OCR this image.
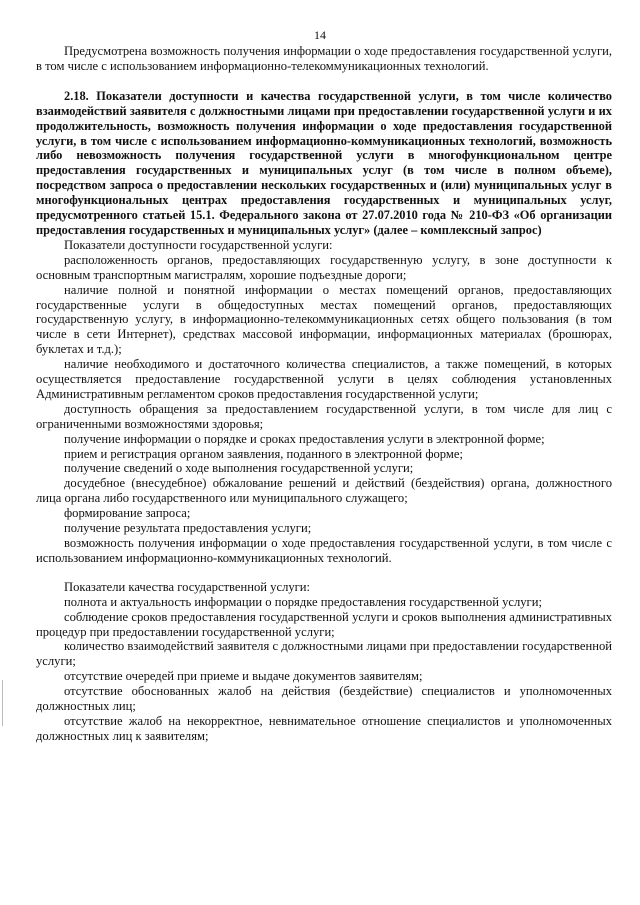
14

Предусмотрена возможность получения информации о ходе предоставления государственной услуги, в том числе с использованием информационно-телекоммуникационных технологий.

2.18. Показатели доступности и качества государственной услуги, в том числе количество взаимодействий заявителя с должностными лицами при предоставлении государственной услуги и их продолжительность, возможность получения информации о ходе предоставления государственной услуги, в том числе с использованием информационно-коммуникационных технологий, возможность либо невозможность получения государственной услуги в многофункциональном центре предоставления государственных и муниципальных услуг (в том числе в полном объеме), посредством запроса о предоставлении нескольких государственных и (или) муниципальных услуг в многофункциональных центрах предоставления государственных и муниципальных услуг, предусмотренного статьей 15.1. Федерального закона от 27.07.2010 года № 210-ФЗ «Об организации предоставления государственных и муниципальных услуг» (далее – комплексный запрос)

Показатели доступности государственной услуги:

расположенность органов, предоставляющих государственную услугу, в зоне доступности к основным транспортным магистралям, хорошие подъездные дороги;

наличие полной и понятной информации о местах помещений органов, предоставляющих государственные услуги в общедоступных местах помещений органов, предоставляющих государственную услугу, в информационно-телекоммуникационных сетях общего пользования (в том числе в сети Интернет), средствах массовой информации, информационных материалах (брошюрах, буклетах и т.д.);

наличие необходимого и достаточного количества специалистов, а также помещений, в которых осуществляется предоставление государственной услуги в целях соблюдения установленных Административным регламентом сроков предоставления государственной услуги;

доступность обращения за предоставлением государственной услуги, в том числе для лиц с ограниченными возможностями здоровья;

получение информации о порядке и сроках предоставления услуги в электронной форме;

прием и регистрация органом заявления, поданного в электронной форме;

получение сведений о ходе выполнения государственной услуги;

досудебное (внесудебное) обжалование решений и действий (бездействия) органа, должностного лица органа либо государственного или муниципального служащего;

формирование запроса;

получение результата предоставления услуги;

возможность получения информации о ходе предоставления государственной услуги, в том числе с использованием информационно-коммуникационных технологий.

Показатели качества государственной услуги:

полнота и актуальность информации о порядке предоставления государственной услуги;

соблюдение сроков предоставления государственной услуги и сроков выполнения административных процедур при предоставлении государственной услуги;

количество взаимодействий заявителя с должностными лицами при предоставлении государственной услуги;

отсутствие очередей при приеме и выдаче документов заявителям;

отсутствие обоснованных жалоб на действия (бездействие) специалистов и уполномоченных должностных лиц;

отсутствие жалоб на некорректное, невнимательное отношение специалистов и уполномоченных должностных лиц к заявителям;
